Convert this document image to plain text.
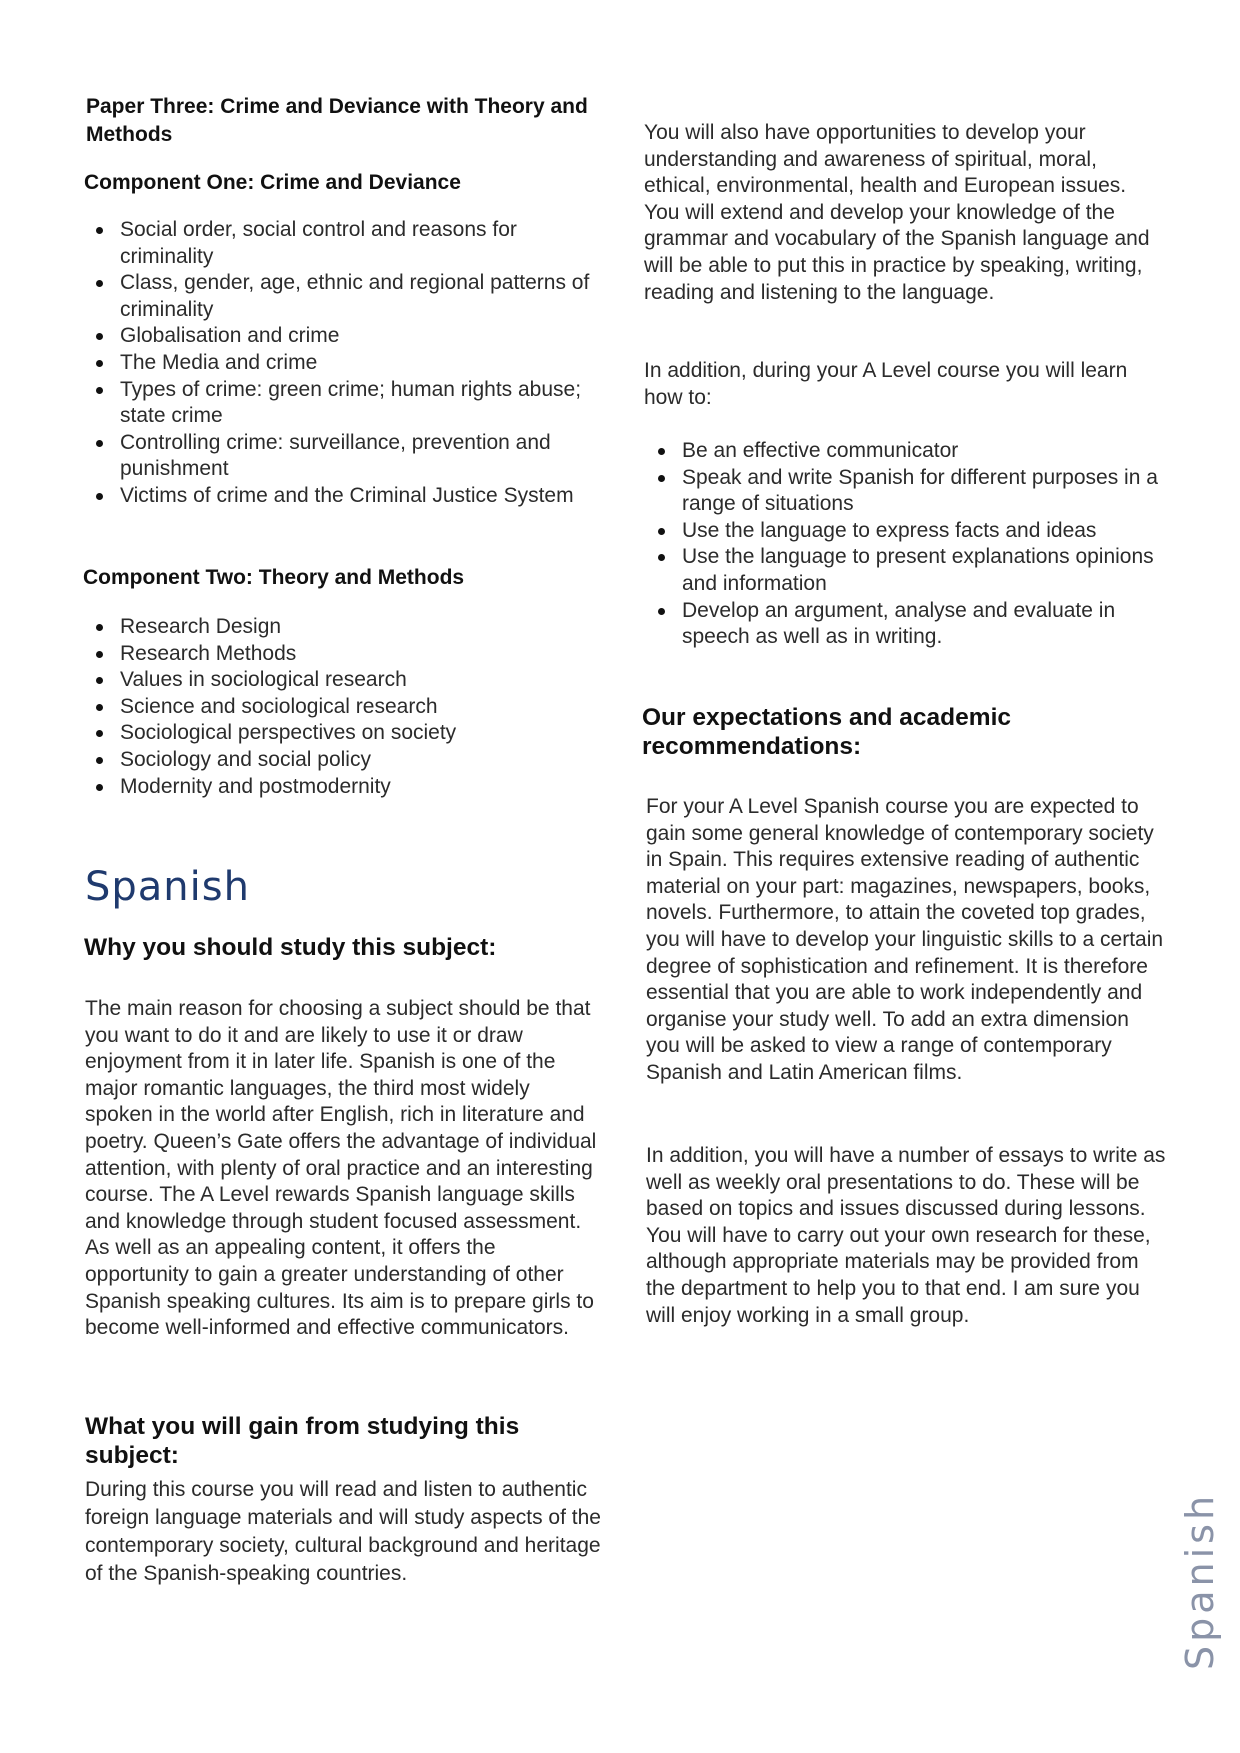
Paper Three: Crime and Deviance with Theory and Methods
Component One: Crime and Deviance
Social order, social control and reasons for criminality
Class, gender, age, ethnic and regional patterns of criminality
Globalisation and crime
The Media and crime
Types of crime: green crime; human rights abuse; state crime
Controlling crime: surveillance, prevention and punishment
Victims of crime and the Criminal Justice System
Component Two: Theory and Methods
Research Design
Research Methods
Values in sociological research
Science and sociological research
Sociological perspectives on society
Sociology and social policy
Modernity and postmodernity
Spanish
Why you should study this subject:

The main reason for choosing a subject should be that you want to do it and are likely to use it or draw enjoyment from it in later life. Spanish is one of the major romantic languages, the third most widely spoken in the world after English, rich in literature and poetry. Queen’s Gate offers the advantage of individual attention, with plenty of oral practice and an interesting course. The A Level rewards Spanish language skills and knowledge through student focused assessment. As well as an appealing content, it offers the opportunity to gain a greater understanding of other Spanish speaking cultures. Its aim is to prepare girls to become well-informed and effective communicators.

What you will gain from studying this subject:

During this course you will read and listen to authentic foreign language materials and will study aspects of the contemporary society, cultural background and heritage of the Spanish-speaking countries.

You will also have opportunities to develop your understanding and awareness of spiritual, moral, ethical, environmental, health and European issues. You will extend and develop your knowledge of the grammar and vocabulary of the Spanish language and will be able to put this in practice by speaking, writing, reading and listening to the language.

In addition, during your A Level course you will learn how to:

Be an effective communicator
Speak and write Spanish for different purposes in a range of situations
Use the language to express facts and ideas
Use the language to present explanations opinions and information
Develop an argument, analyse and evaluate in speech as well as in writing.
Our expectations and academic recommendations:

For your A Level Spanish course you are expected to gain some general knowledge of contemporary society in Spain. This requires extensive reading of authentic material on your part: magazines, newspapers, books, novels. Furthermore, to attain the coveted top grades, you will have to develop your linguistic skills to a certain degree of sophistication and refinement. It is therefore essential that you are able to work independently and organise your study well. To add an extra dimension you will be asked to view a range of contemporary Spanish and Latin American films.

In addition, you will have a number of essays to write as well as weekly oral presentations to do. These will be based on topics and issues discussed during lessons. You will have to carry out your own research for these, although appropriate materials may be provided from the department to help you to that end. I am sure you will enjoy working in a small group.

Spanish
